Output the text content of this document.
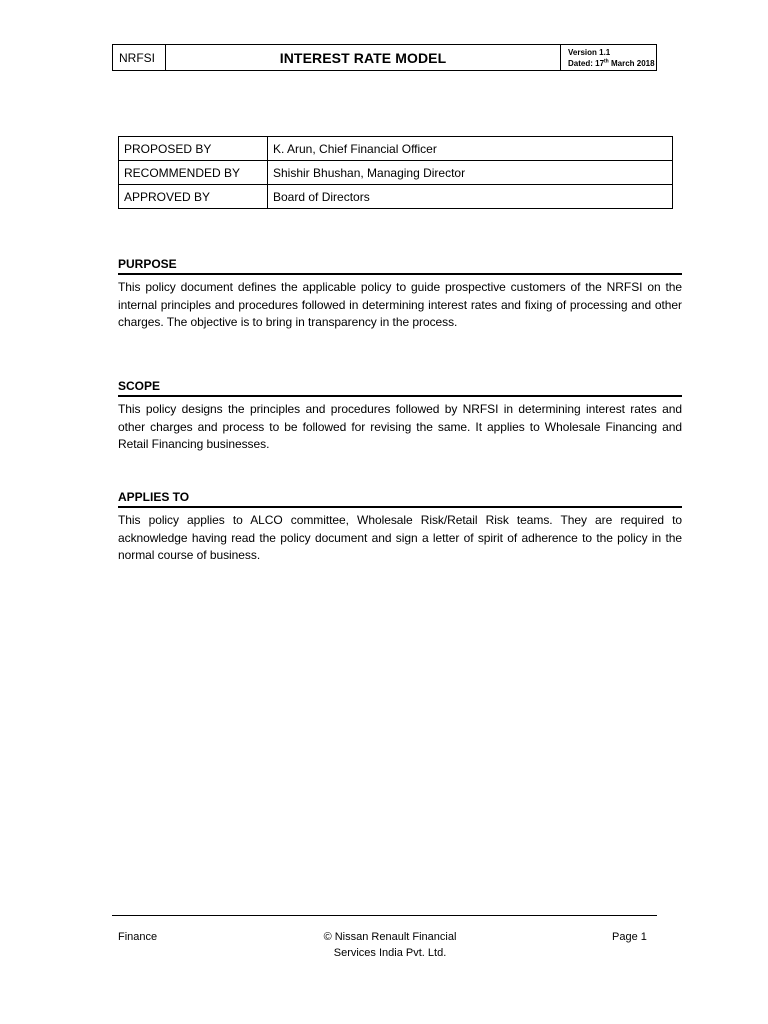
NRFSI	INTEREST RATE MODEL	Version 1.1
Dated: 17th March 2018
PROPOSED BY	K. Arun, Chief Financial Officer
RECOMMENDED BY	Shishir Bhushan, Managing Director
APPROVED BY	Board of Directors
PURPOSE
This policy document defines the applicable policy to guide prospective customers of the NRFSI on the internal principles and procedures followed in determining interest rates and fixing of processing and other charges. The objective is to bring in transparency in the process.
SCOPE
This policy designs the principles and procedures followed by NRFSI in determining interest rates and other charges and process to be followed for revising the same. It applies to Wholesale Financing and Retail Financing businesses.
APPLIES TO
This policy applies to ALCO committee, Wholesale Risk/Retail Risk teams. They are required to acknowledge having read the policy document and sign a letter of spirit of adherence to the policy in the normal course of business.
Finance	© Nissan Renault Financial
Services India Pvt. Ltd.
Page 1
